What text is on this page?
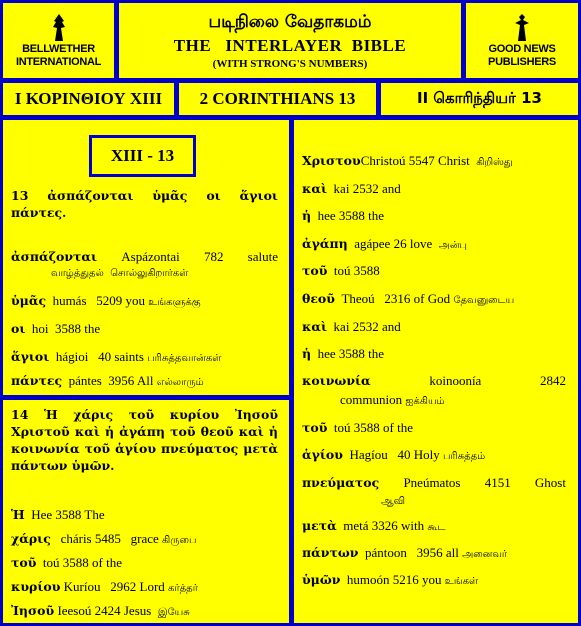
BELLWETHER
INTERNATIONAL
படிநிலை வேதாகமம்
THE   INTERLAYER  BIBLE
(WITH STRONG'S NUMBERS)
GOOD NEWS
PUBLISHERS
I ΚΟΡΙΝΘΙΟΥ XIII 2 CORINTHIANS 13	II கொரிந்தியர் 13
XIII - 13
13 ἀσπάζονται ὑμᾶς οι ἅγιοι
πάντες.
ἀσπάζονται Aspázontai 782 salute
வாழ்த்துதல்  சொல்லுகிறார்கள்
ὑμᾶς humás 5209 you உங்களுக்கு
οι hoi 3588 the
ἅγιοι hágioi 40 saints பரிசுத்தவான்கள்
πάντες pántes 3956 All எல்லாரும்
14 Ἡ χάρις τοῦ κυρίου Ἰησοῦ
Χριστοῦ καὶ ἡ ἀγάπη τοῦ θεοῦ καὶ ἡ
κοινωνία τοῦ ἁγίου πνεύματος μετὰ
πάντων ὑμῶν.
Ἡ Hee 3588 The
χάρις cháris 5485 grace கிருபை
τοῦ toú 3588 of the
κυρίου Kuríou 2962 Lord கர்த்தர்
Ἰησοῦ Ieesoú 2424 Jesus இயேசு
ΧριστουChristoú 5547 Christ கிறிஸ்து
καὶ kai 2532 and
ἡ hee 3588 the
ἀγάπη agápee 26 love அன்பு
τοῦ toú 3588
θεοῦ Theoú 2316 of God தேவனுடைய
καὶ kai 2532 and
ἡ hee 3588 the
κοινωνία	koinoonía	2842
communion ஐக்கியம்
τοῦ toú 3588 of the
ἁγίου Hagíou 40 Holy பரிசுத்தம்
πνεύματος Pneúmatos 4151 Ghost
ஆவி
μετὰ metá 3326 with கூட
πάντων pántoon 3956 all அனைவர்
ὑμῶν humoón 5216 you உங்கள்
